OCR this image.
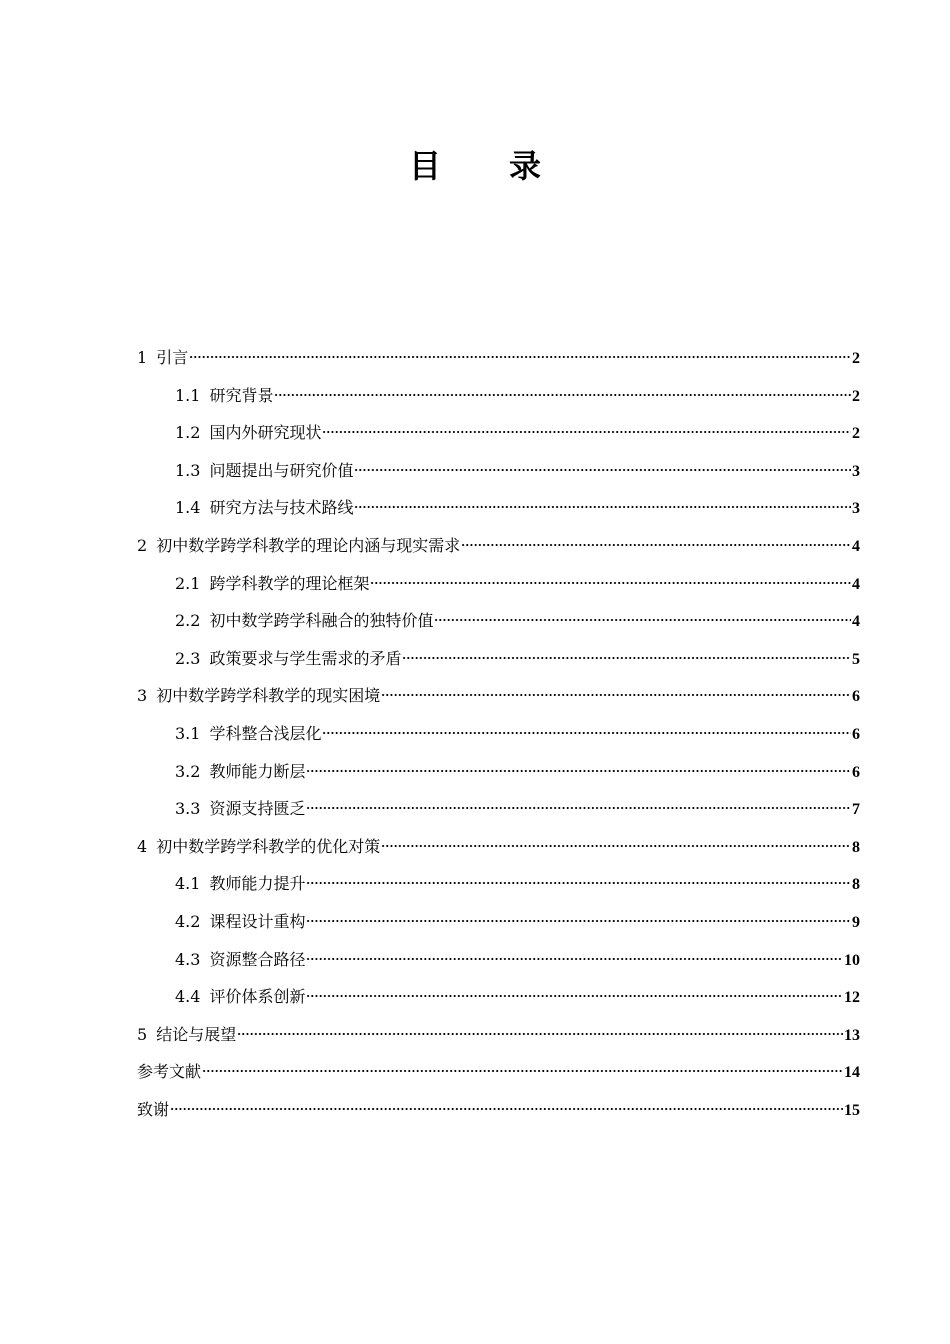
目录
1 引言	2
1.1 研究背景	2
1.2 国内外研究现状	2
1.3 问题提出与研究价值	3
1.4 研究方法与技术路线	3
2 初中数学跨学科教学的理论内涵与现实需求	4
2.1 跨学科教学的理论框架	4
2.2 初中数学跨学科融合的独特价值	4
2.3 政策要求与学生需求的矛盾	5
3 初中数学跨学科教学的现实困境	6
3.1 学科整合浅层化	6
3.2 教师能力断层	6
3.3 资源支持匮乏	7
4 初中数学跨学科教学的优化对策	8
4.1 教师能力提升	8
4.2 课程设计重构	9
4.3 资源整合路径	10
4.4 评价体系创新	12
5 结论与展望	13
参考文献	14
致谢	15
